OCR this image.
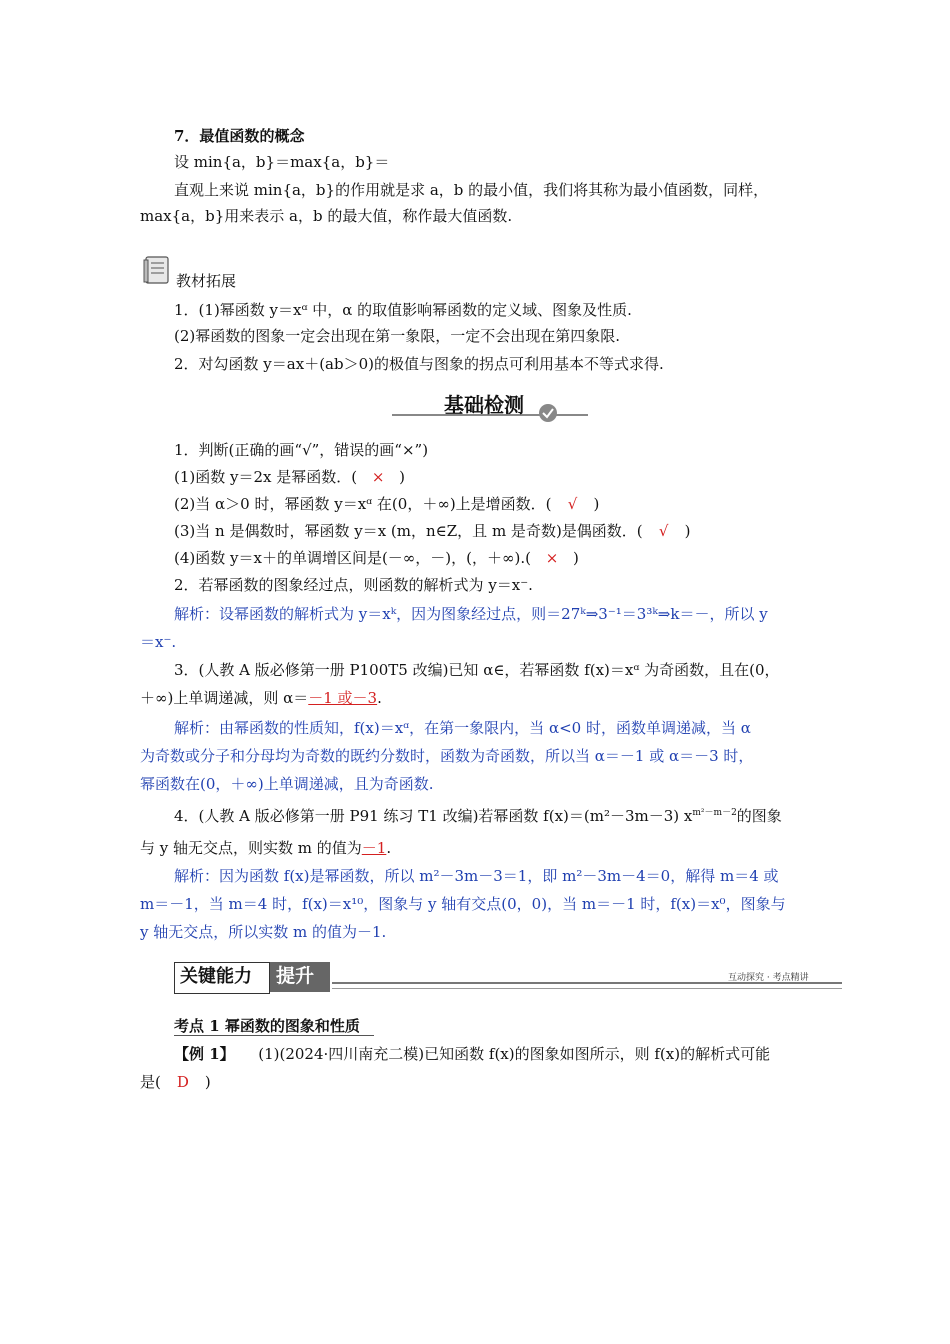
7．最值函数的概念
设 min{a，b}＝max{a，b}＝
直观上来说 min{a，b}的作用就是求 a，b 的最小值，我们将其称为最小值函数，同样，
max{a，b}用来表示 a，b 的最大值，称作最大值函数.
教材拓展
1．(1)幂函数 y＝xᵅ 中，α 的取值影响幂函数的定义域、图象及性质.
(2)幂函数的图象一定会出现在第一象限，一定不会出现在第四象限.
2．对勾函数 y＝ax＋(ab＞0)的极值与图象的拐点可利用基本不等式求得.
基础检测
1．判断(正确的画“√”，错误的画“×”)
(1)函数 y＝2x 是幂函数．( × )
(2)当 α＞0 时，幂函数 y＝xᵅ 在(0，＋∞)上是增函数．( √ )
(3)当 n 是偶数时，幂函数 y＝x (m，n∈Z，且 m 是奇数)是偶函数．( √ )
(4)函数 y＝x＋的单调增区间是(－∞，－)，(，＋∞).( × )
2．若幂函数的图象经过点，则函数的解析式为 y＝x⁻.
解析：设幂函数的解析式为 y＝xᵏ，因为图象经过点，则＝27ᵏ⇒3⁻¹＝3³ᵏ⇒k＝－，所以 y
＝x⁻.
3．(人教 A 版必修第一册 P100T5 改编)已知 α∈，若幂函数 f(x)＝xᵅ 为奇函数，且在(0，
＋∞)上单调递减，则 α＝－1 或－3.
解析：由幂函数的性质知，f(x)＝xᵅ，在第一象限内，当 α<0 时，函数单调递减，当 α
为奇数或分子和分母均为奇数的既约分数时，函数为奇函数，所以当 α＝－1 或 α＝－3 时，
幂函数在(0，＋∞)上单调递减，且为奇函数.
4．(人教 A 版必修第一册 P91 练习 T1 改编)若幂函数 f(x)＝(m²－3m－3) $x^{m^2-m-2}$的图象
与 y 轴无交点，则实数 m 的值为－1.
解析：因为函数 f(x)是幂函数，所以 m²－3m－3＝1，即 m²－3m－4＝0，解得 m＝4 或
m＝－1，当 m＝4 时，f(x)＝x¹⁰，图象与 y 轴有交点(0，0)，当 m＝－1 时，f(x)＝x⁰，图象与
y 轴无交点，所以实数 m 的值为－1.
关键能力 提升	互动探究 · 考点精讲
考点 1 幂函数的图象和性质
【例 1】 (1)(2024·四川南充二模)已知函数 f(x)的图象如图所示，则 f(x)的解析式可能
是( D )
